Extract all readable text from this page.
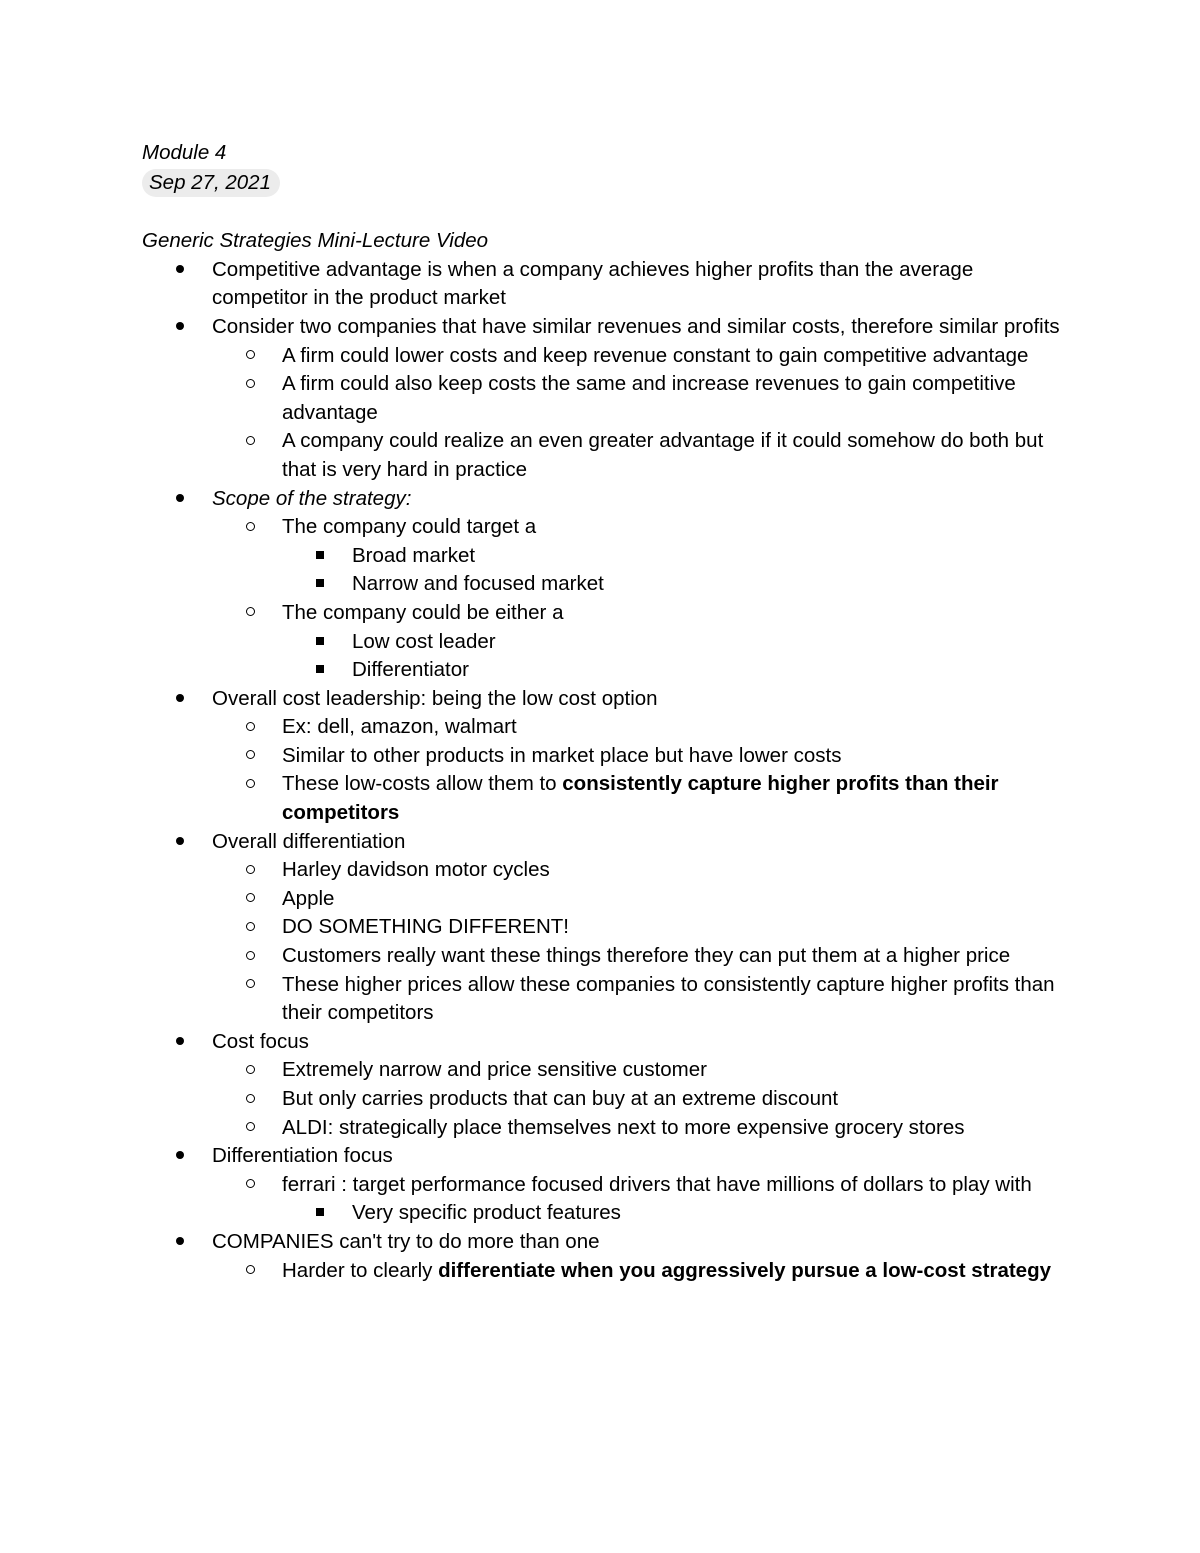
Module 4
Sep 27, 2021
Generic Strategies Mini-Lecture Video
Competitive advantage is when a company achieves higher profits than the average competitor in the product market
Consider two companies that have similar revenues and similar costs, therefore similar profits
A firm could lower costs and keep revenue constant to gain competitive advantage
A firm could also keep costs the same and increase revenues to gain competitive advantage
A company could realize an even greater advantage if it could somehow do both but that is very hard in practice
Scope of the strategy:
The company could target a
Broad market
Narrow and focused market
The company could be either a
Low cost leader
Differentiator
Overall cost leadership: being the low cost option
Ex: dell, amazon, walmart
Similar to other products in market place but have lower costs
These low-costs allow them to consistently capture higher profits than their competitors
Overall differentiation
Harley davidson motor cycles
Apple
DO SOMETHING DIFFERENT!
Customers really want these things therefore they can put them at a higher price
These higher prices allow these companies to consistently capture higher profits than their competitors
Cost focus
Extremely narrow and price sensitive customer
But only carries products that can buy at an extreme discount
ALDI: strategically place themselves next to more expensive grocery stores
Differentiation focus
ferrari : target performance focused drivers that have millions of dollars to play with
Very specific product features
COMPANIES can't try to do more than one
Harder to clearly differentiate when you aggressively pursue a low-cost strategy
